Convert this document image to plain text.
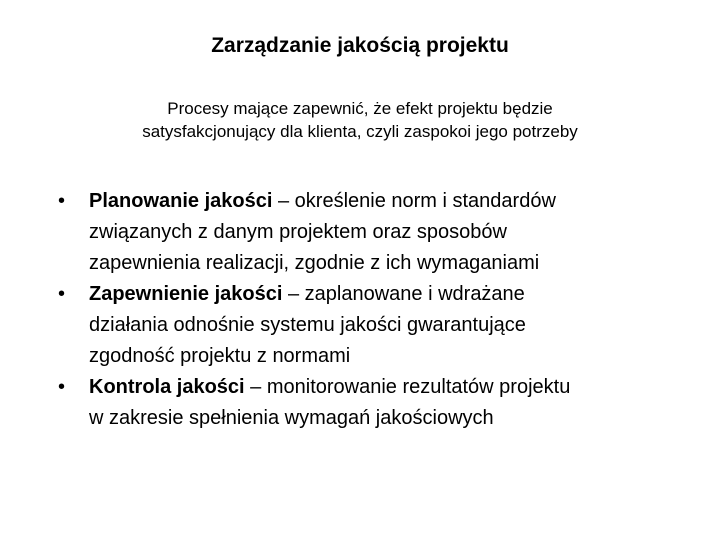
Zarządzanie jakością projektu
Procesy mające zapewnić, że efekt projektu będzie
satysfakcjonujący dla klienta, czyli zaspokoi jego potrzeby
• Planowanie jakości – określenie norm i standardów
związanych z danym projektem oraz sposobów
zapewnienia realizacji, zgodnie z ich wymaganiami
• Zapewnienie jakości – zaplanowane i wdrażane
działania odnośnie systemu jakości gwarantujące
zgodność projektu z normami
• Kontrola jakości – monitorowanie rezultatów projektu
w zakresie spełnienia wymagań jakościowych
